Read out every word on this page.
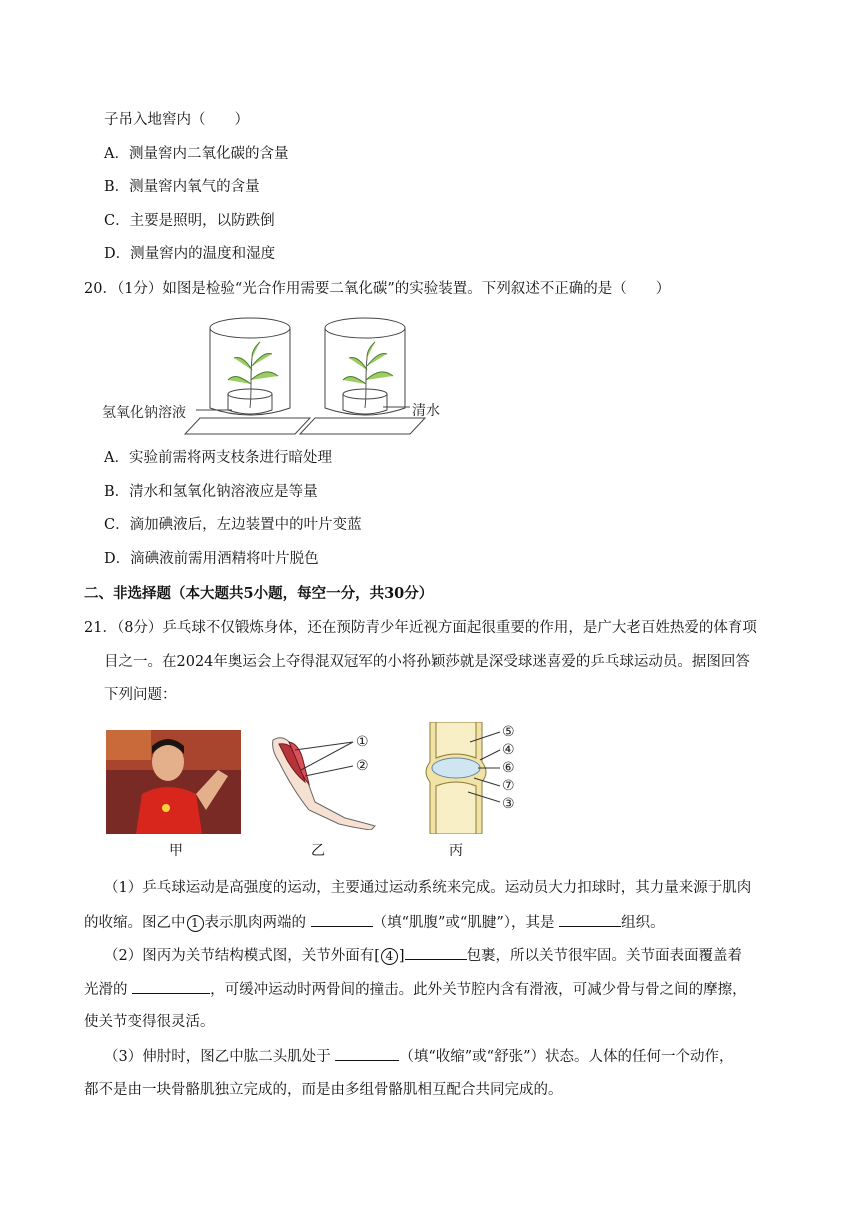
子吊入地窖内（　　）
A．测量窖内二氧化碳的含量
B．测量窖内氧气的含量
C．主要是照明，以防跌倒
D．测量窖内的温度和湿度
20．（1分）如图是检验“光合作用需要二氧化碳”的实验装置。下列叙述不正确的是（　　）
氢氧化钠溶液	清水
A．实验前需将两支枝条进行暗处理
B．清水和氢氧化钠溶液应是等量
C．滴加碘液后，左边装置中的叶片变蓝
D．滴碘液前需用酒精将叶片脱色
二、非选择题（本大题共5小题，每空一分，共30分）
21．（8分）乒乓球不仅锻炼身体，还在预防青少年近视方面起很重要的作用，是广大老百姓热爱的体育项
目之一。在2024年奥运会上夺得混双冠军的小将孙颖莎就是深受球迷喜爱的乒乓球运动员。据图回答
下列问题：
甲
①
②
乙
⑤
④
⑥
⑦
③
丙
（1）乒乓球运动是高强度的运动，主要通过运动系统来完成。运动员大力扣球时，其力量来源于肌肉
的收缩。图乙中 1 表示肌肉两端的	（填“肌腹”或“肌腱”），其是	组织。
（2）图丙为关节结构模式图，关节外面有[ 4 ]	包裹，所以关节很牢固。关节面表面覆盖着
光滑的	，可缓冲运动时两骨间的撞击。此外关节腔内含有滑液，可减少骨与骨之间的摩擦，
使关节变得很灵活。
（3）伸肘时，图乙中肱二头肌处于	（填“收缩”或“舒张”）状态。人体的任何一个动作，
都不是由一块骨骼肌独立完成的，而是由多组骨骼肌相互配合共同完成的。
